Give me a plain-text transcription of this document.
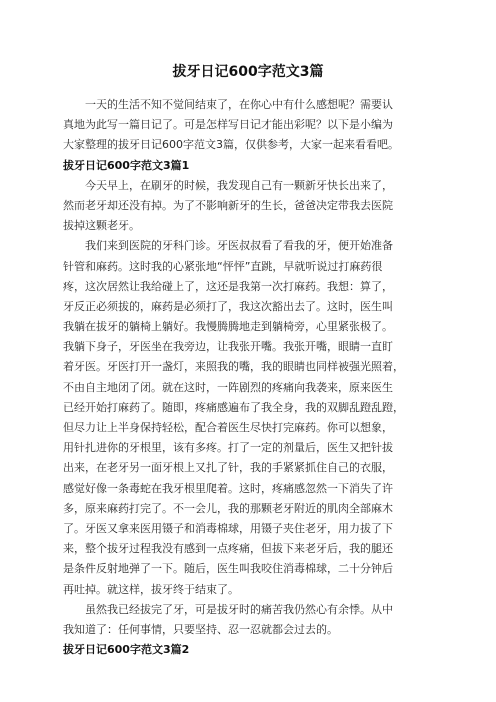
拔牙日记600字范文3篇
一天的生活不知不觉间结束了，在你心中有什么感想呢？需要认
真地为此写一篇日记了。可是怎样写日记才能出彩呢？以下是小编为
大家整理的拔牙日记600字范文3篇，仅供参考，大家一起来看看吧。
拔牙日记600字范文3篇1
今天早上，在刷牙的时候，我发现自己有一颗新牙快长出来了，
然而老牙却还没有掉。为了不影响新牙的生长，爸爸决定带我去医院
拔掉这颗老牙。
我们来到医院的牙科门诊。牙医叔叔看了看我的牙，便开始准备
针管和麻药。这时我的心紧张地“怦怦”直跳，早就听说过打麻药很
疼，这次居然让我给碰上了，这还是我第一次打麻药。我想：算了，
牙反正必须拔的，麻药是必须打了，我这次豁出去了。这时，医生叫
我躺在拔牙的躺椅上躺好。我慢腾腾地走到躺椅旁，心里紧张极了。
我躺下身子，牙医坐在我旁边，让我张开嘴。我张开嘴，眼睛一直盯
着牙医。牙医打开一盏灯，来照我的嘴，我的眼睛也同样被强光照着，
不由自主地闭了闭。就在这时，一阵剧烈的疼痛向我袭来，原来医生
已经开始打麻药了。随即，疼痛感遍布了我全身，我的双脚乱蹬乱蹬，
但尽力让上半身保持轻松，配合着医生尽快打完麻药。你可以想象，
用针扎进你的牙根里，该有多疼。打了一定的剂量后，医生又把针拔
出来，在老牙另一面牙根上又扎了针，我的手紧紧抓住自己的衣服，
感觉好像一条毒蛇在我牙根里爬着。这时，疼痛感忽然一下消失了许
多，原来麻药打完了。不一会儿，我的那颗老牙附近的肌肉全部麻木
了。牙医又拿来医用镊子和消毒棉球，用镊子夹住老牙，用力拔了下
来，整个拔牙过程我没有感到一点疼痛，但拔下来老牙后，我的腿还
是条件反射地弹了一下。随后，医生叫我咬住消毒棉球，二十分钟后
再吐掉。就这样，拔牙终于结束了。
虽然我已经拔完了牙，可是拔牙时的痛苦我仍然心有余悸。从中
我知道了：任何事情，只要坚持、忍一忍就都会过去的。
拔牙日记600字范文3篇2
